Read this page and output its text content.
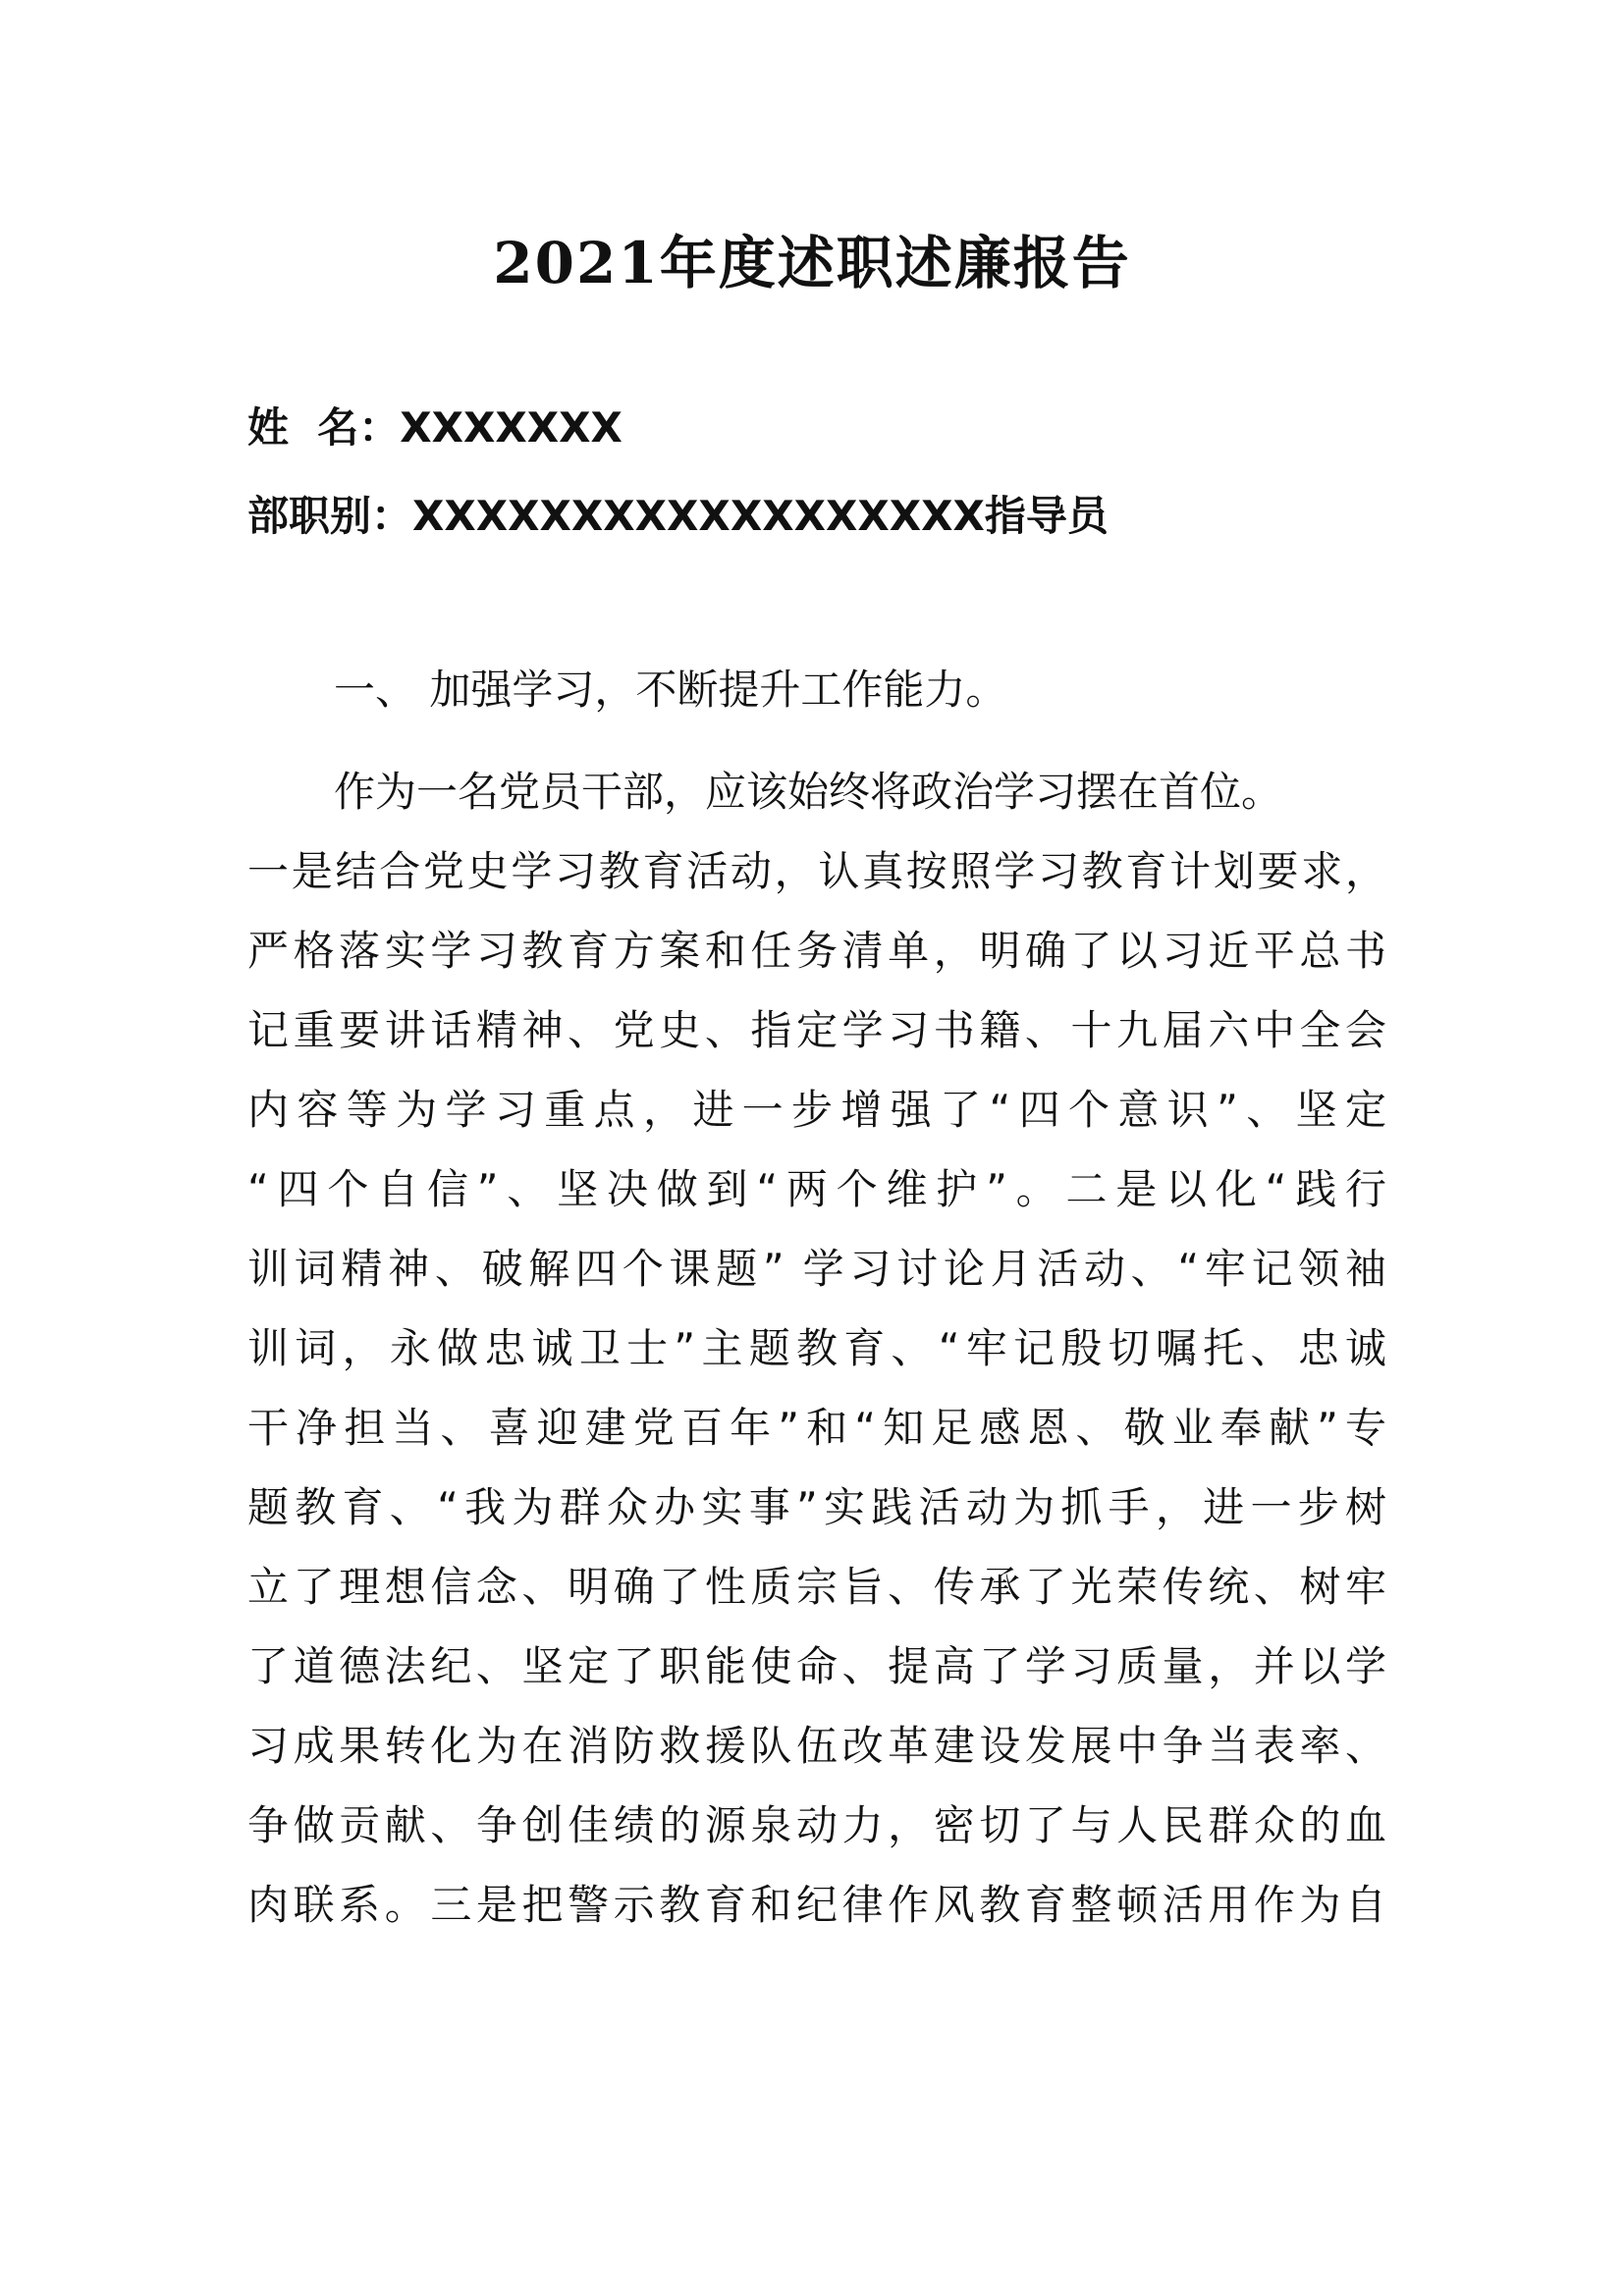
2021年度述职述廉报告

姓  名：XXXXXXX

部职别：XXXXXXXXXXXXXXXXXX指导员

一、 加强学习，不断提升工作能力。

作为一名党员干部，应该始终将政治学习摆在首位。
一是结合党史学习教育活动，认真按照学习教育计划要求，
严格落实学习教育方案和任务清单，明确了以习近平总书
记重要讲话精神、党史、指定学习书籍、十九届六中全会
内容等为学习重点，进一步增强了“四个意识”、坚定
“四个自信”、坚决做到“两个维护”。二是以化“践行
训词精神、破解四个课题” 学习讨论月活动、“牢记领袖
训词，永做忠诚卫士”主题教育、“牢记殷切嘱托、忠诚
干净担当、喜迎建党百年”和“知足感恩、敬业奉献”专
题教育、“我为群众办实事”实践活动为抓手，进一步树
立了理想信念、明确了性质宗旨、传承了光荣传统、树牢
了道德法纪、坚定了职能使命、提高了学习质量，并以学
习成果转化为在消防救援队伍改革建设发展中争当表率、
争做贡献、争创佳绩的源泉动力，密切了与人民群众的血
肉联系。三是把警示教育和纪律作风教育整顿活用作为自
